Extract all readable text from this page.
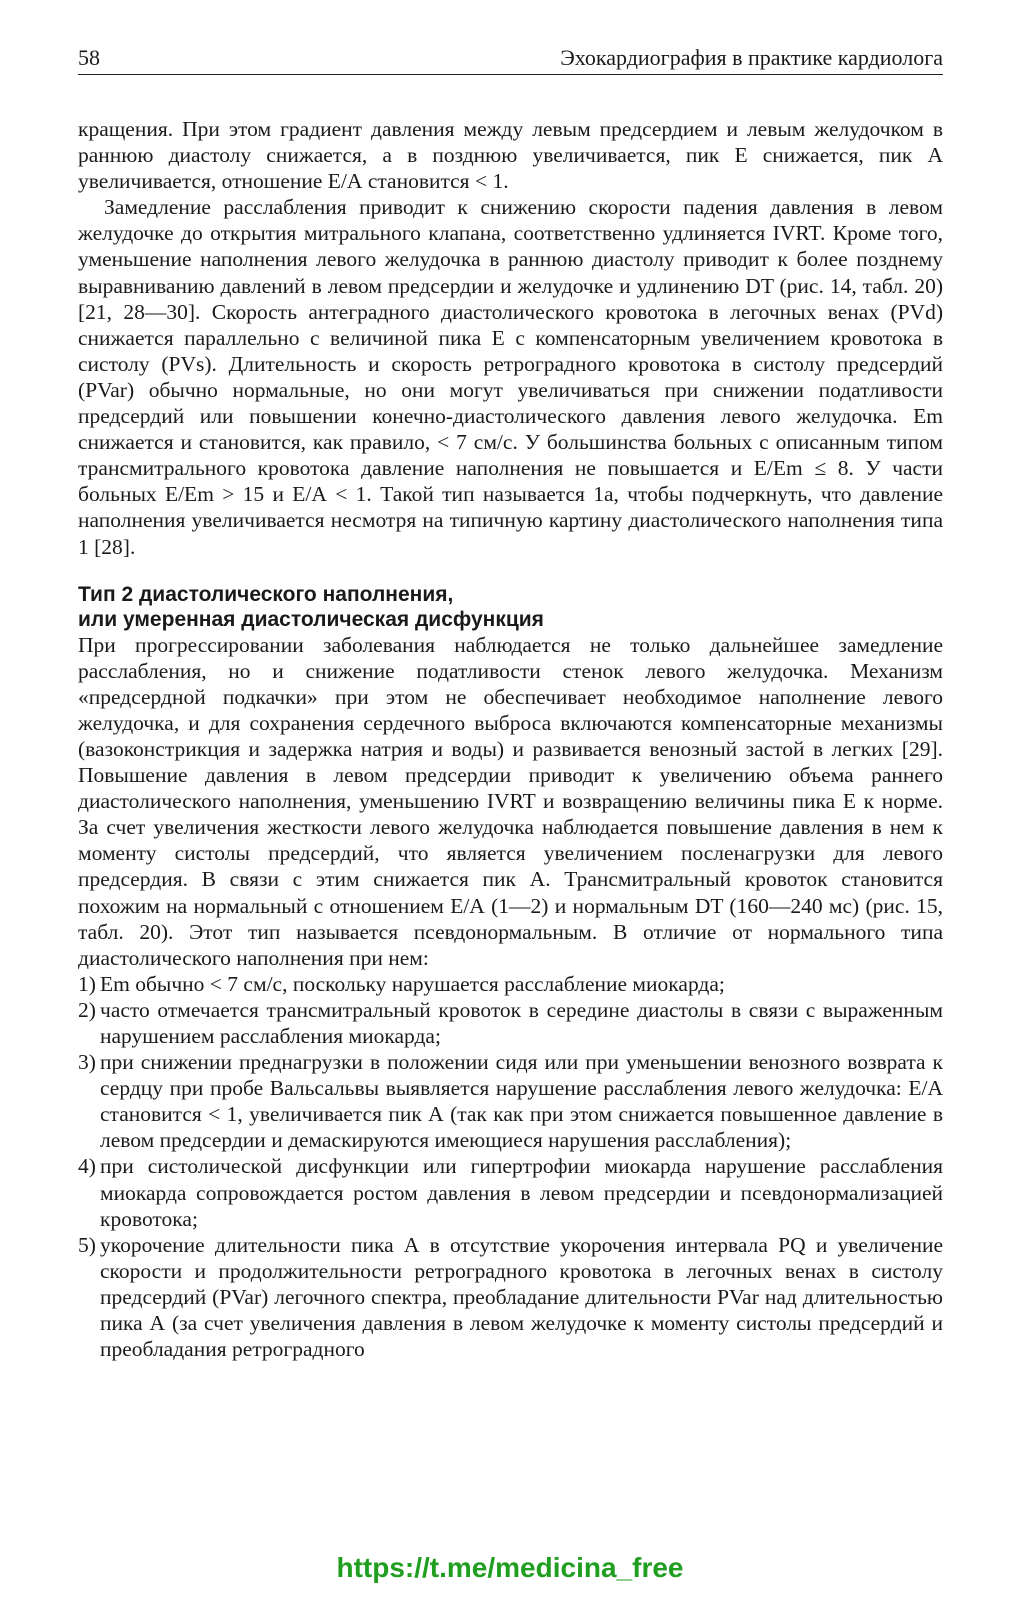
58	Эхокардиография в практике кардиолога

кращения. При этом градиент давления между левым предсердием и левым желудочком в раннюю диастолу снижается, а в позднюю увеличивается, пик Е снижается, пик А увеличивается, отношение Е/А становится < 1.

Замедление расслабления приводит к снижению скорости падения давления в левом желудочке до открытия митрального клапана, соответственно удлиняется IVRT. Кроме того, уменьшение наполнения левого желудочка в раннюю диастолу приводит к более позднему выравниванию давлений в левом предсердии и желудочке и удлинению DT (рис. 14, табл. 20) [21, 28—30]. Скорость антеградного диастолического кровотока в легочных венах (PVd) снижается параллельно с величиной пика Е с компенсаторным увеличением кровотока в систолу (PVs). Длительность и скорость ретроградного кровотока в систолу предсердий (PVar) обычно нормальные, но они могут увеличиваться при снижении податливости предсердий или повышении конечно-диастолического давления левого желудочка. Em снижается и становится, как правило, < 7 см/с. У большинства больных с описанным типом трансмитрального кровотока давление наполнения не повышается и E/Em ≤ 8. У части больных E/Em > 15 и Е/А < 1. Такой тип называется 1а, чтобы подчеркнуть, что давление наполнения увеличивается несмотря на типичную картину диастолического наполнения типа 1 [28].

Тип 2 диастолического наполнения,
или умеренная диастолическая дисфункция

При прогрессировании заболевания наблюдается не только дальнейшее замедление расслабления, но и снижение податливости стенок левого желудочка. Механизм «предсердной подкачки» при этом не обеспечивает необходимое наполнение левого желудочка, и для сохранения сердечного выброса включаются компенсаторные механизмы (вазоконстрикция и задержка натрия и воды) и развивается венозный застой в легких [29]. Повышение давления в левом предсердии приводит к увеличению объема раннего диастолического наполнения, уменьшению IVRT и возвращению величины пика Е к норме. За счет увеличения жесткости левого желудочка наблюдается повышение давления в нем к моменту систолы предсердий, что является увеличением посленагрузки для левого предсердия. В связи с этим снижается пик А. Трансмитральный кровоток становится похожим на нормальный с отношением Е/А (1—2) и нормальным DT (160—240 мс) (рис. 15, табл. 20). Этот тип называется псевдонормальным. В отличие от нормального типа диастолического наполнения при нем:

1) Em обычно < 7 см/с, поскольку нарушается расслабление миокарда;
2) часто отмечается трансмитральный кровоток в середине диастолы в связи с выраженным нарушением расслабления миокарда;
3) при снижении преднагрузки в положении сидя или при уменьшении венозного возврата к сердцу при пробе Вальсальвы выявляется нарушение расслабления левого желудочка: Е/А становится < 1, увеличивается пик А (так как при этом снижается повышенное давление в левом предсердии и демаскируются имеющиеся нарушения расслабления);
4) при систолической дисфункции или гипертрофии миокарда нарушение расслабления миокарда сопровождается ростом давления в левом предсердии и псевдонормализацией кровотока;
5) укорочение длительности пика А в отсутствие укорочения интервала PQ и увеличение скорости и продолжительности ретроградного кровотока в легочных венах в систолу предсердий (PVar) легочного спектра, преобладание длительности PVar над длительностью пика А (за счет увеличения давления в левом желудочке к моменту систолы предсердий и преобладания ретроградного
https://t.me/medicina_free
